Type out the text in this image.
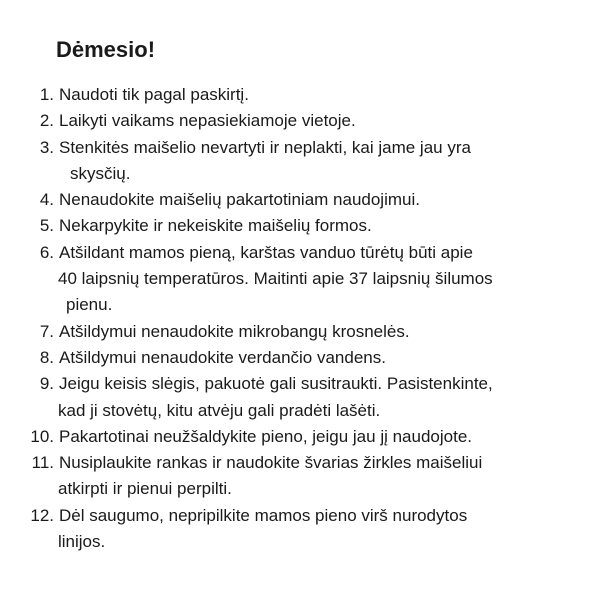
Dėmesio!
1. Naudoti tik pagal paskirtį.
2. Laikyti vaikams nepasiekiamoje vietoje.
3. Stenkitės maišelio nevartyti ir neplakti, kai jame jau yra
skysčių.
4. Nenaudokite maišelių pakartotiniam naudojimui.
5. Nekarpykite ir nekeiskite maišelių formos.
6. Atšildant mamos pieną, karštas vanduo tūrėtų būti apie
40 laipsnių temperatūros. Maitinti apie 37 laipsnių šilumos
pienu.
7. Atšildymui nenaudokite mikrobangų krosnelės.
8. Atšildymui nenaudokite verdančio vandens.
9. Jeigu keisis slėgis, pakuotė gali susitraukti. Pasistenkinte,
kad ji stovėtų, kitu atvėju gali pradėti lašėti.
10. Pakartotinai neužšaldykite pieno, jeigu jau jį naudojote.
11. Nusiplaukite rankas ir naudokite švarias žirkles maišeliui
atkirpti ir pienui perpilti.
12. Dėl saugumo, nepripilkite mamos pieno virš nurodytos
linijos.
